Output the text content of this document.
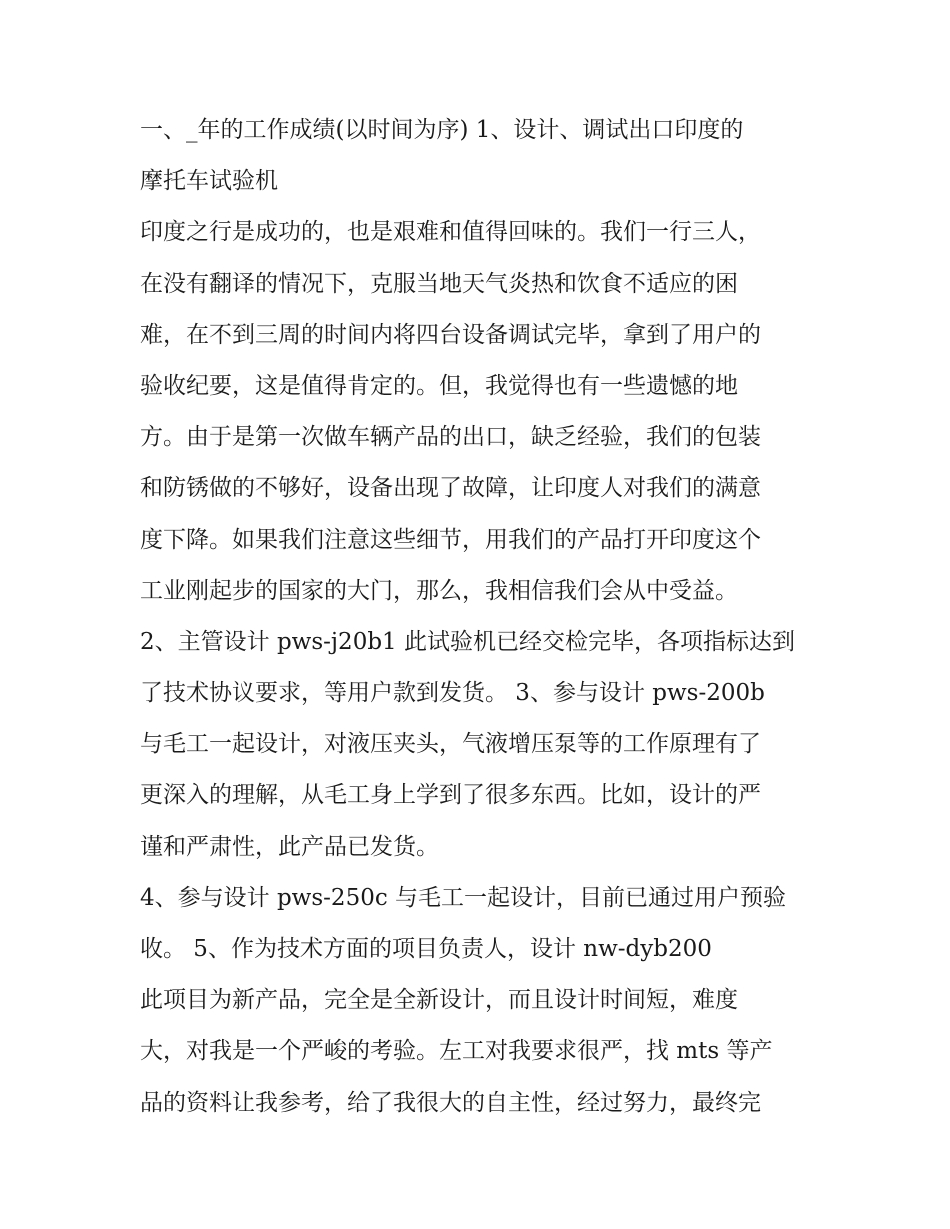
一、_年的工作成绩(以时间为序) 1、设计、调试出口印度的
摩托车试验机
印度之行是成功的，也是艰难和值得回味的。我们一行三人，
在没有翻译的情况下，克服当地天气炎热和饮食不适应的困
难，在不到三周的时间内将四台设备调试完毕，拿到了用户的
验收纪要，这是值得肯定的。但，我觉得也有一些遗憾的地
方。由于是第一次做车辆产品的出口，缺乏经验，我们的包装
和防锈做的不够好，设备出现了故障，让印度人对我们的满意
度下降。如果我们注意这些细节，用我们的产品打开印度这个
工业刚起步的国家的大门，那么，我相信我们会从中受益。
2、主管设计 pws-j20b1 此试验机已经交检完毕，各项指标达到
了技术协议要求，等用户款到发货。 3、参与设计 pws-200b
与毛工一起设计，对液压夹头，气液增压泵等的工作原理有了
更深入的理解，从毛工身上学到了很多东西。比如，设计的严
谨和严肃性，此产品已发货。
4、参与设计 pws-250c 与毛工一起设计，目前已通过用户预验
收。 5、作为技术方面的项目负责人，设计 nw-dyb200
此项目为新产品，完全是全新设计，而且设计时间短，难度
大，对我是一个严峻的考验。左工对我要求很严，找 mts 等产
品的资料让我参考，给了我很大的自主性，经过努力，最终完
